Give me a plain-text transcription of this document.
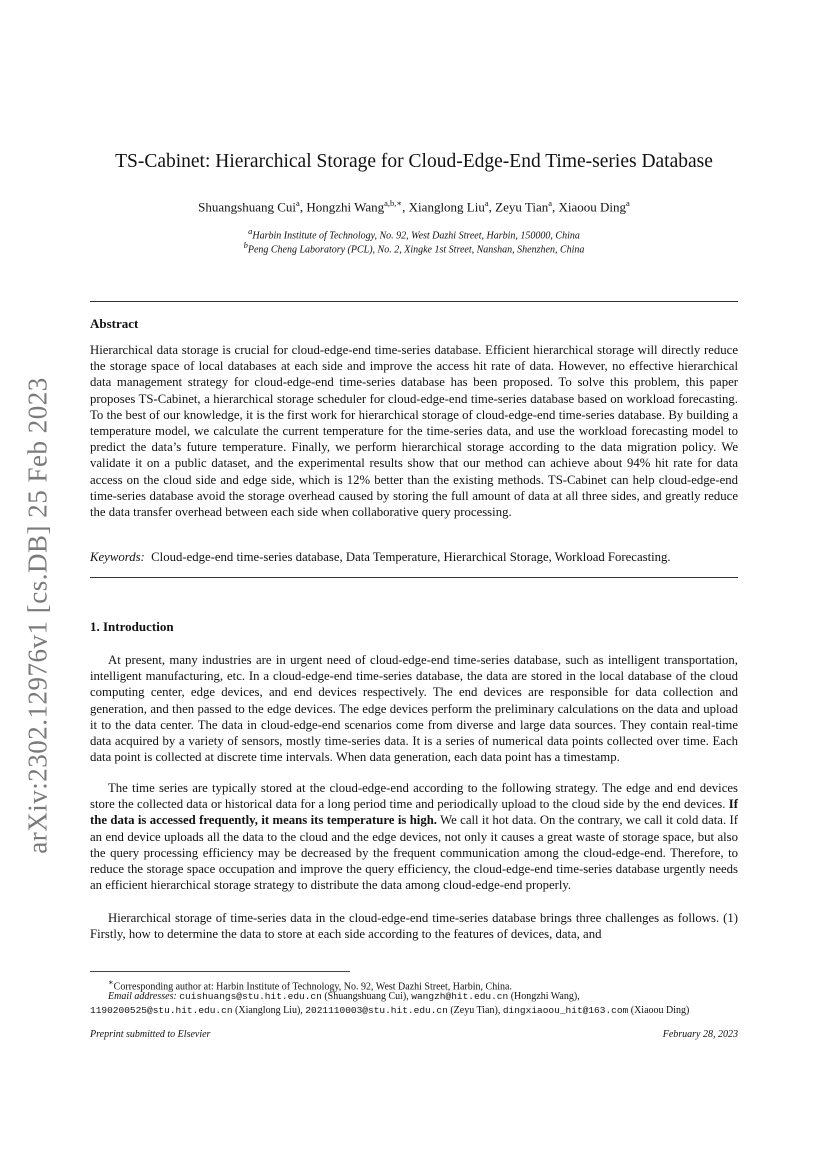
arXiv:2302.12976v1 [cs.DB] 25 Feb 2023
TS-Cabinet: Hierarchical Storage for Cloud-Edge-End Time-series Database
Shuangshuang Cui$^a$, Hongzhi Wang$^{a,b,∗}$, Xianglong Liu$^a$, Zeyu Tian$^a$, Xiaoou Ding$^a$
$^a$Harbin Institute of Technology, No. 92, West Dazhi Street, Harbin, 150000, China
$^b$Peng Cheng Laboratory (PCL), No. 2, Xingke 1st Street, Nanshan, Shenzhen, China
Abstract

Hierarchical data storage is crucial for cloud-edge-end time-series database. Efficient hierarchical storage will directly reduce the storage space of local databases at each side and improve the access hit rate of data. However, no effective hierarchical data management strategy for cloud-edge-end time-series database has been proposed. To solve this problem, this paper proposes TS-Cabinet, a hierarchical storage scheduler for cloud-edge-end time-series database based on workload forecasting. To the best of our knowledge, it is the first work for hierarchical storage of cloud-edge-end time-series database. By building a temperature model, we calculate the current temperature for the time-series data, and use the workload forecasting model to predict the data’s future temperature. Finally, we perform hierarchical storage according to the data migration policy. We validate it on a public dataset, and the experimental results show that our method can achieve about 94% hit rate for data access on the cloud side and edge side, which is 12% better than the existing methods. TS-Cabinet can help cloud-edge-end time-series database avoid the storage overhead caused by storing the full amount of data at all three sides, and greatly reduce the data transfer overhead between each side when collaborative query processing.

Keywords: Cloud-edge-end time-series database, Data Temperature, Hierarchical Storage, Workload Forecasting.

1. Introduction

At present, many industries are in urgent need of cloud-edge-end time-series database, such as intelligent transportation, intelligent manufacturing, etc. In a cloud-edge-end time-series database, the data are stored in the local database of the cloud computing center, edge devices, and end devices respectively. The end devices are responsible for data collection and generation, and then passed to the edge devices. The edge devices perform the preliminary calculations on the data and upload it to the data center. The data in cloud-edge-end scenarios come from diverse and large data sources. They contain real-time data acquired by a variety of sensors, mostly time-series data. It is a series of numerical data points collected over time. Each data point is collected at discrete time intervals. When data generation, each data point has a timestamp.

The time series are typically stored at the cloud-edge-end according to the following strategy. The edge and end devices store the collected data or historical data for a long period time and periodically upload to the cloud side by the end devices. If the data is accessed frequently, it means its temperature is high. We call it hot data. On the contrary, we call it cold data. If an end device uploads all the data to the cloud and the edge devices, not only it causes a great waste of storage space, but also the query processing efficiency may be decreased by the frequent communication among the cloud-edge-end. Therefore, to reduce the storage space occupation and improve the query efficiency, the cloud-edge-end time-series database urgently needs an efficient hierarchical storage strategy to distribute the data among cloud-edge-end properly.

Hierarchical storage of time-series data in the cloud-edge-end time-series database brings three challenges as follows. (1) Firstly, how to determine the data to store at each side according to the features of devices, data, and

∗Corresponding author at: Harbin Institute of Technology, No. 92, West Dazhi Street, Harbin, China.
Email addresses: cuishuangs@stu.hit.edu.cn (Shuangshuang Cui), wangzh@hit.edu.cn (Hongzhi Wang),
1190200525@stu.hit.edu.cn (Xianglong Liu), 2021110003@stu.hit.edu.cn (Zeyu Tian), dingxiaoou_hit@163.com (Xiaoou Ding)
Preprint submitted to Elsevier	February 28, 2023
